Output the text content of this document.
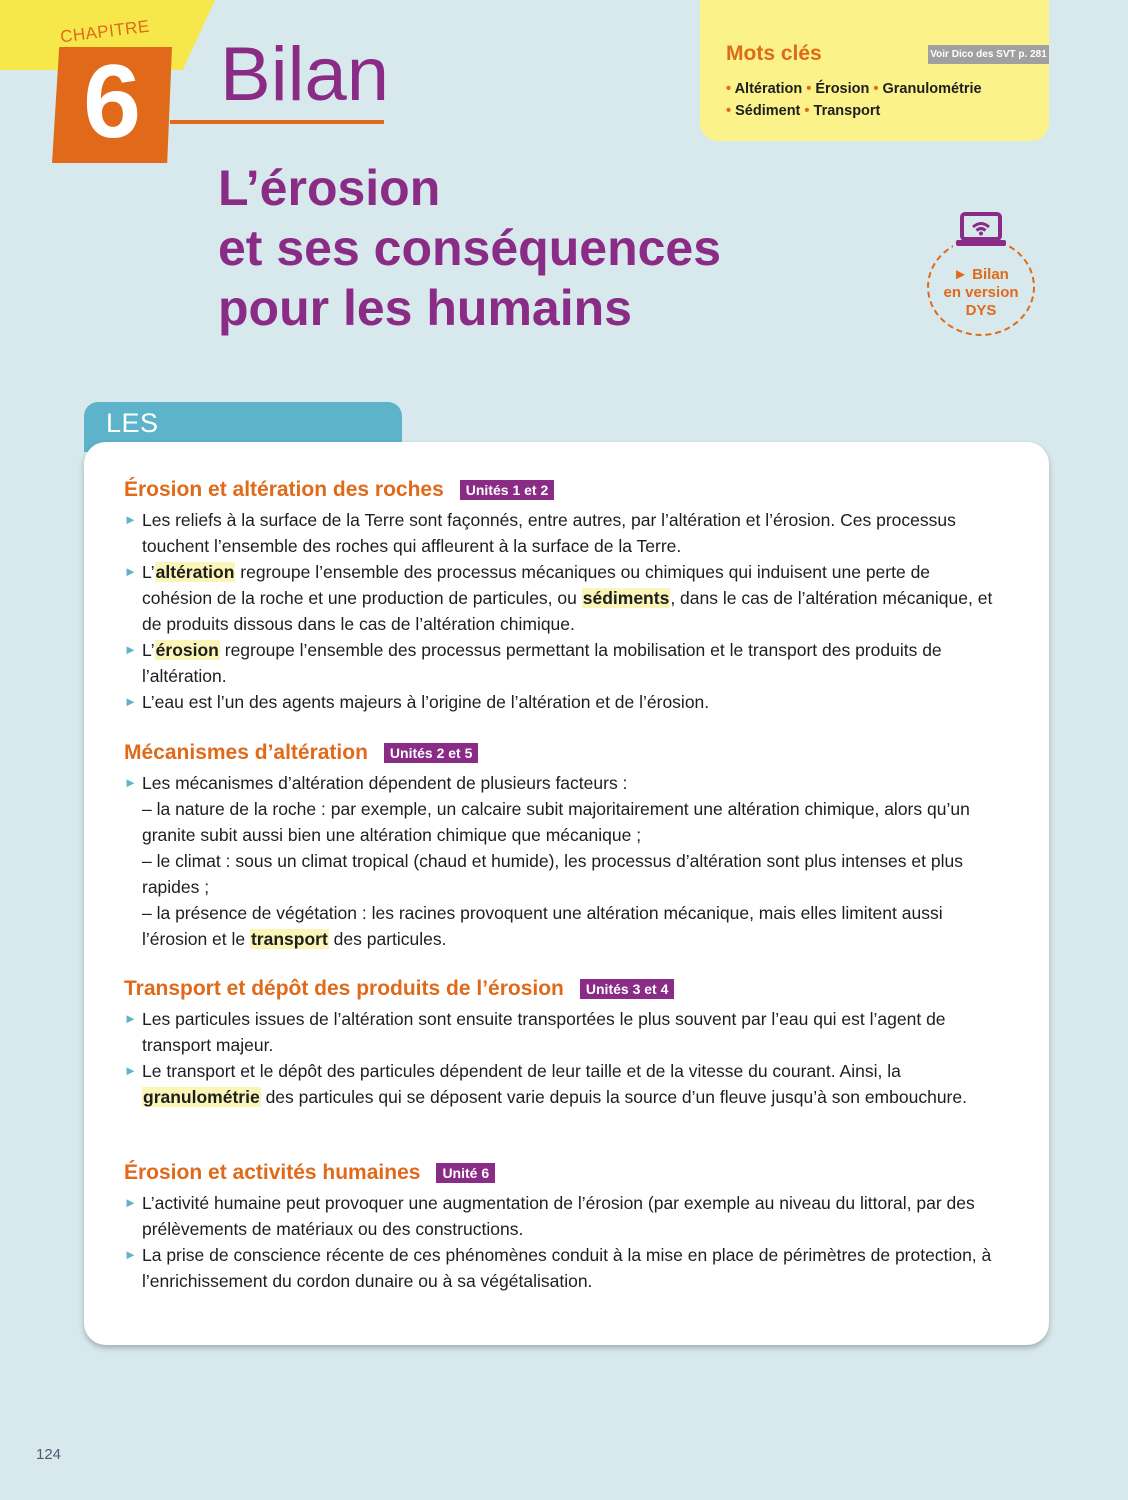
CHAPITRE
6	Bilan
L’érosion
et ses conséquences
pour les humains
Mots clés	Voir Dico des SVT p. 281
• Altération • Érosion • Granulométrie
• Sédiment • Transport
► Bilan
en version
DYS
LES
Érosion et altération des roches	Unités 1 et 2
► Les reliefs à la surface de la Terre sont façonnés, entre autres, par l’altération et l’érosion. Ces processus touchent l’ensemble des roches qui affleurent à la surface de la Terre.
► L’altération regroupe l’ensemble des processus mécaniques ou chimiques qui induisent une perte de cohésion de la roche et une production de particules, ou sédiments, dans le cas de l’altération mécanique, et de produits dissous dans le cas de l’altération chimique.
► L’érosion regroupe l’ensemble des processus permettant la mobilisation et le transport des produits de l’altération.
► L’eau est l’un des agents majeurs à l’origine de l’altération et de l’érosion.
Mécanismes d’altération	Unités 2 et 5
► Les mécanismes d’altération dépendent de plusieurs facteurs :
– la nature de la roche : par exemple, un calcaire subit majoritairement une altération chimique, alors qu’un granite subit aussi bien une altération chimique que mécanique ;
– le climat : sous un climat tropical (chaud et humide), les processus d’altération sont plus intenses et plus rapides ;
– la présence de végétation : les racines provoquent une altération mécanique, mais elles limitent aussi l’érosion et le transport des particules.
Transport et dépôt des produits de l’érosion	Unités 3 et 4
► Les particules issues de l’altération sont ensuite transportées le plus souvent par l’eau qui est l’agent de transport majeur.
► Le transport et le dépôt des particules dépendent de leur taille et de la vitesse du courant. Ainsi, la granulométrie des particules qui se déposent varie depuis la source d’un fleuve jusqu’à son embouchure.
Érosion et activités humaines	Unité 6
► L’activité humaine peut provoquer une augmentation de l’érosion (par exemple au niveau du littoral, par des prélèvements de matériaux ou des constructions.
► La prise de conscience récente de ces phénomènes conduit à la mise en place de périmètres de protection, à l’enrichissement du cordon dunaire ou à sa végétalisation.
124
